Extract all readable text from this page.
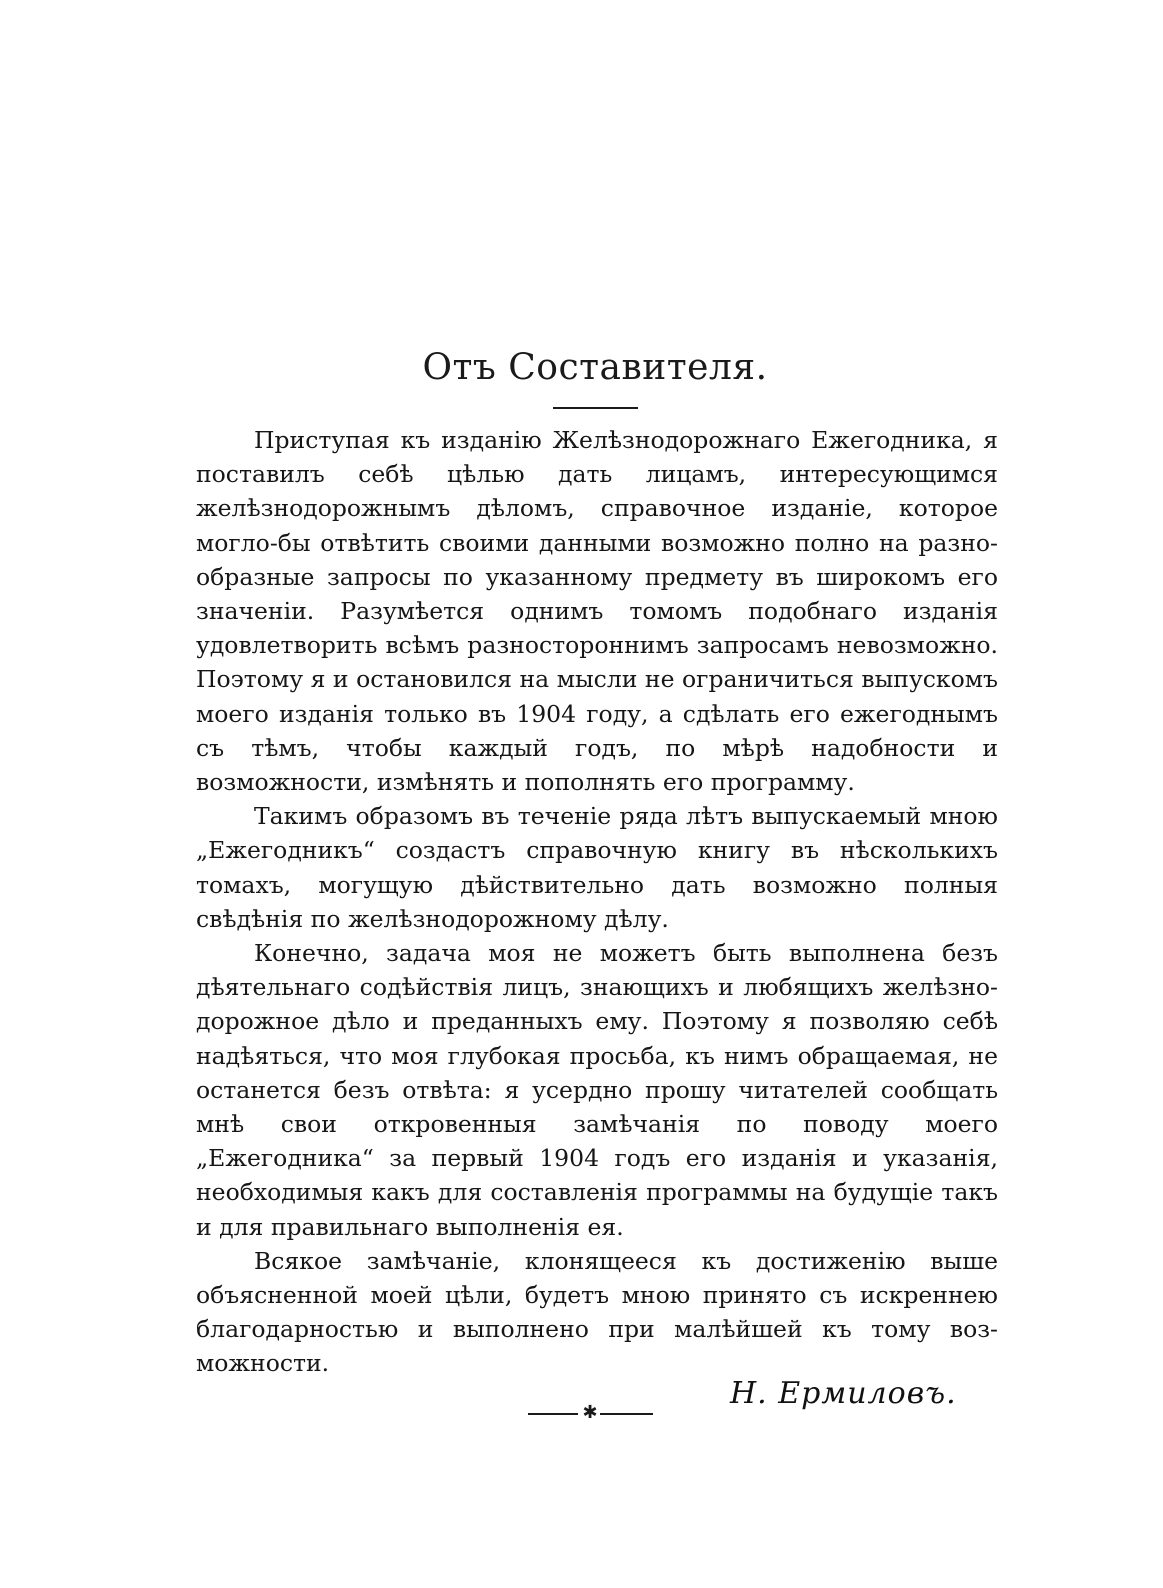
Отъ Составителя.

Приступая къ изданію Желѣзнодорожнаго Ежегодника, я поставилъ себѣ цѣлью дать лицамъ, интересующимся желѣзнодорожнымъ дѣломъ, справочное изданіе, которое могло-бы отвѣтить своими данными возможно полно на разнообразные запросы по указанному предмету въ широкомъ его значеніи. Разумѣется однимъ томомъ подобнаго изданія удовлетворить всѣмъ разностороннимъ запросамъ невозможно. Поэтому я и остановился на мысли не ограничиться выпускомъ моего изданія только въ 1904 году, а сдѣлать его ежегоднымъ съ тѣмъ, чтобы каждый годъ, по мѣрѣ надобности и возможности, измѣнять и пополнять его программу.

Такимъ образомъ въ теченіе ряда лѣтъ выпускаемый мною „Ежегодникъ“ создастъ справочную книгу въ нѣсколькихъ томахъ, могущую дѣйствительно дать возможно полныя свѣдѣнія по желѣзнодорожному дѣлу.

Конечно, задача моя не можетъ быть выполнена безъ дѣятельнаго содѣйствія лицъ, знающихъ и любящихъ желѣзнодорожное дѣло и преданныхъ ему. Поэтому я позволяю себѣ надѣяться, что моя глубокая просьба, къ нимъ обращаемая, не останется безъ отвѣта: я усердно прошу читателей сообщать мнѣ свои откровенныя замѣчанія по поводу моего „Ежегодника“ за первый 1904 годъ его изданія и указанія, необходимыя какъ для составленія программы на будущіе такъ и для правильнаго выполненія ея.

Всякое замѣчаніе, клонящееся къ достиженію выше объясненной моей цѣли, будетъ мною принято съ искреннею благодарностью и выполнено при малѣйшей къ тому возможности.

Н. Ермиловъ.
✱
